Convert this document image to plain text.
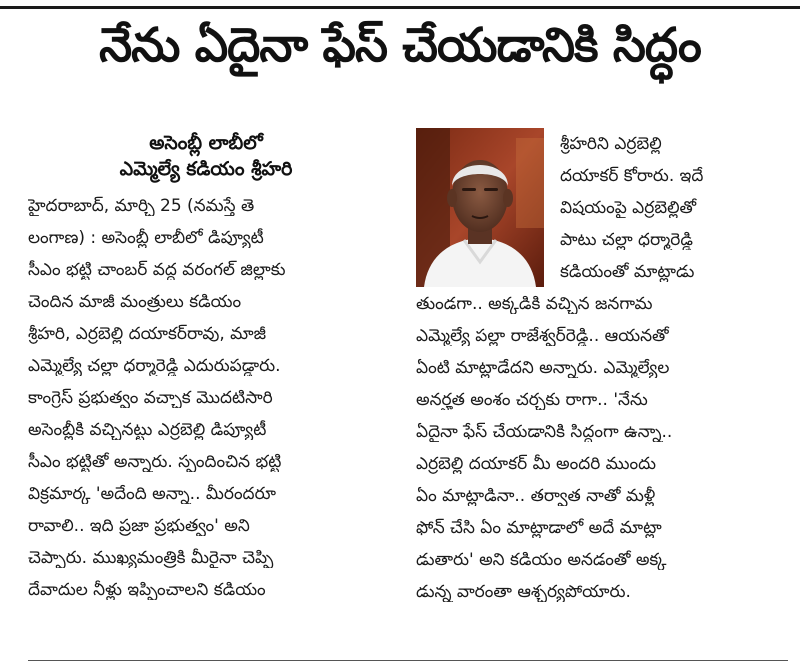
నేను ఏదైనా ఫేస్ చేయడానికి సిద్ధం
అసెంబ్లీ లాబీలో
ఎమ్మెల్యే కడియం శ్రీహరి
హైదరాబాద్, మార్చి 25 (నమస్తే తె
లంగాణ) : అసెంబ్లీ లాబీలో డిప్యూటీ
సీఎం భట్టి చాంబర్ వద్ద వరంగల్ జిల్లాకు
చెందిన మాజీ మంత్రులు కడియం
శ్రీహరి, ఎర్రబెల్లి దయాకర్‌రావు, మాజీ
ఎమ్మెల్యే చల్లా ధర్మారెడ్డి ఎదురుపడ్డారు.
కాంగ్రెస్ ప్రభుత్వం వచ్చాక మొదటిసారి
అసెంబ్లీకి వచ్చినట్టు ఎర్రబెల్లి డిప్యూటీ
సీఎం భట్టితో అన్నారు. స్పందించిన భట్టి
విక్రమార్క 'అదేంది అన్నా.. మీరందరూ
రావాలి.. ఇది ప్రజా ప్రభుత్వం' అని
చెప్పారు. ముఖ్యమంత్రికి మీరైనా చెప్పి
దేవాదుల నీళ్లు ఇప్పించాలని కడియం
శ్రీహరిని ఎర్రబెల్లి
దయాకర్ కోరారు. ఇదే
విషయంపై ఎర్రబెల్లితో
పాటు చల్లా ధర్మారెడ్డి
కడియంతో మాట్లాడు
తుండగా.. అక్కడికి వచ్చిన జనగామ
ఎమ్మెల్యే పల్లా రాజేశ్వర్‌రెడ్డి.. ఆయనతో
ఏంటి మాట్లాడేదని అన్నారు. ఎమ్మెల్యేల
అనర్హత అంశం చర్చకు రాగా.. 'నేను
ఏదైనా ఫేస్ చేయడానికి సిద్ధంగా ఉన్నా..
ఎర్రబెల్లి దయాకర్ మీ అందరి ముందు
ఏం మాట్లాడినా.. తర్వాత నాతో మళ్లీ
ఫోన్ చేసి ఏం మాట్లాడాలో అదే మాట్లా
డుతారు' అని కడియం అనడంతో అక్క
డున్న వారంతా ఆశ్చర్యపోయారు.
